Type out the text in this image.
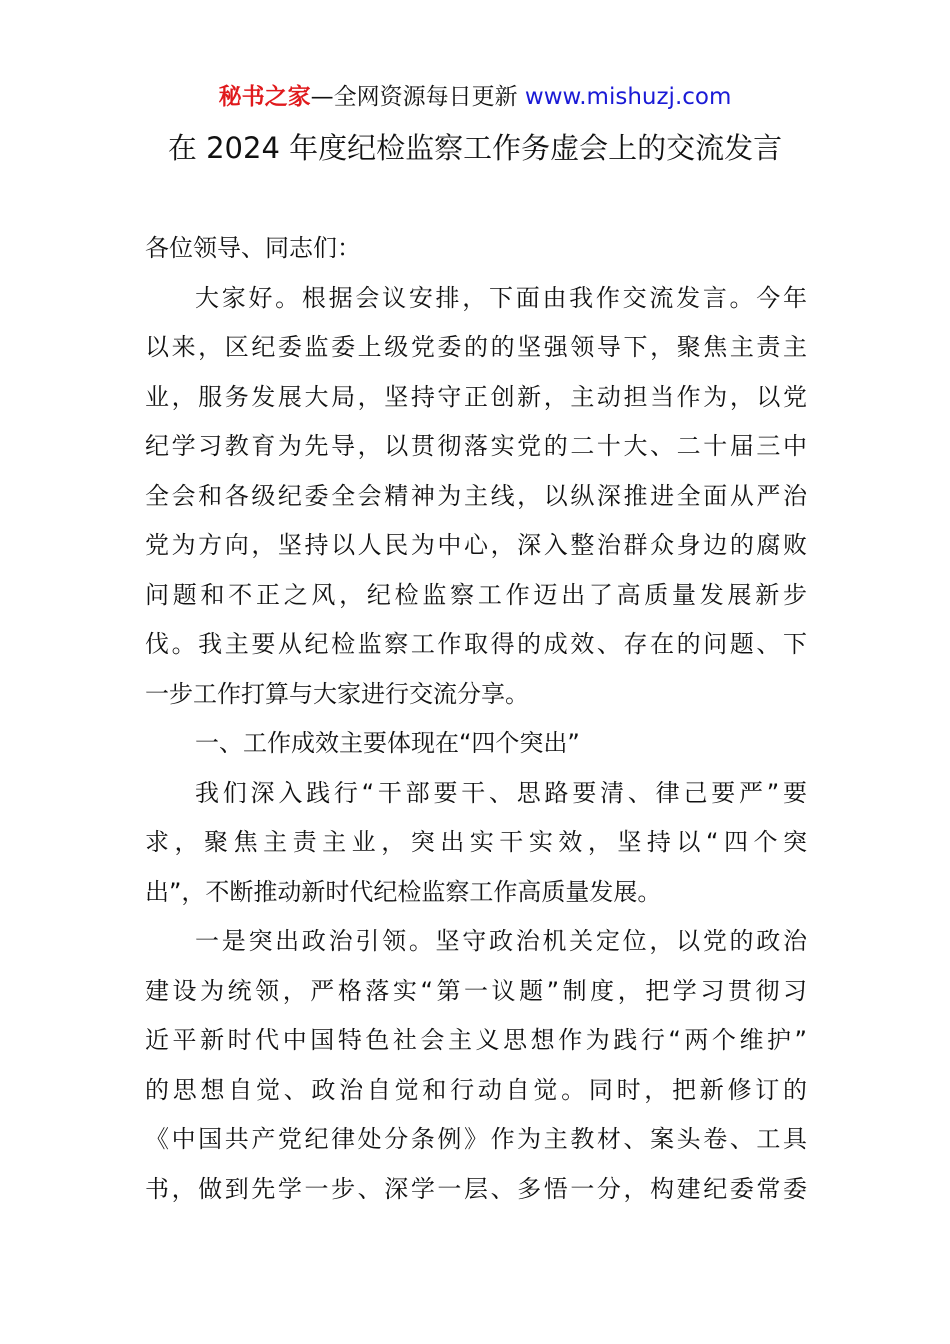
秘书之家—全网资源每日更新 www.mishuzj.com
在 2024 年度纪检监察工作务虚会上的交流发言
各位领导、同志们：
大家好。根据会议安排，下面由我作交流发言。今年
以来，区纪委监委上级党委的的坚强领导下，聚焦主责主
业，服务发展大局，坚持守正创新，主动担当作为，以党
纪学习教育为先导，以贯彻落实党的二十大、二十届三中
全会和各级纪委全会精神为主线，以纵深推进全面从严治
党为方向，坚持以人民为中心，深入整治群众身边的腐败
问题和不正之风，纪检监察工作迈出了高质量发展新步
伐。我主要从纪检监察工作取得的成效、存在的问题、下
一步工作打算与大家进行交流分享。
一、工作成效主要体现在“四个突出”
我们深入践行“干部要干、思路要清、律己要严”要
求，聚焦主责主业，突出实干实效，坚持以“四个突
出”，不断推动新时代纪检监察工作高质量发展。
一是突出政治引领。坚守政治机关定位，以党的政治
建设为统领，严格落实“第一议题”制度，把学习贯彻习
近平新时代中国特色社会主义思想作为践行“两个维护”
的思想自觉、政治自觉和行动自觉。同时，把新修订的
《中国共产党纪律处分条例》作为主教材、案头卷、工具
书，做到先学一步、深学一层、多悟一分，构建纪委常委
